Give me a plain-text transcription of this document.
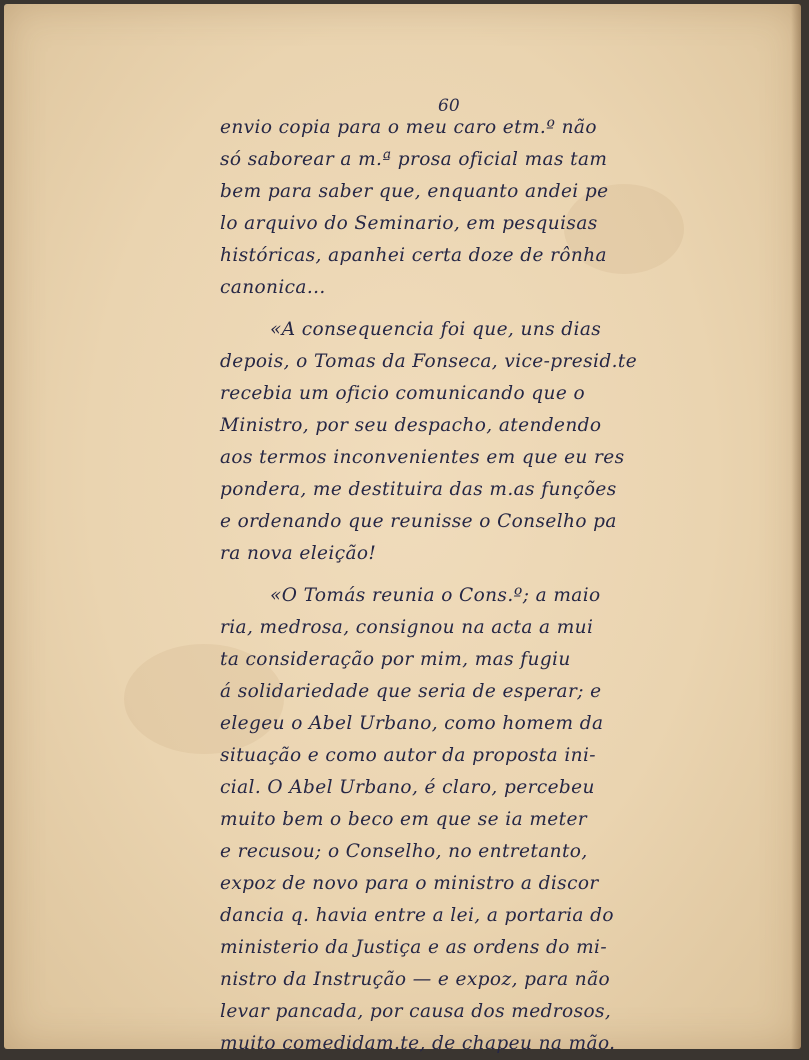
60
envio copia para o meu caro etm.º não
só saborear a m.ª prosa oficial mas tam
bem para saber que, enquanto andei pe
lo arquivo do Seminario, em pesquisas
históricas, apanhei certa doze de rônha
canonica...
«A consequencia foi que, uns dias
depois, o Tomas da Fonseca, vice-presid.te
recebia um oficio comunicando que o
Ministro, por seu despacho, atendendo
aos termos inconvenientes em que eu res
pondera, me destituira das m.as funções
e ordenando que reunisse o Conselho pa
ra nova eleição!
«O Tomás reunia o Cons.º; a maio
ria, medrosa, consignou na acta a mui
ta consideração por mim, mas fugiu
á solidariedade que seria de esperar; e
elegeu o Abel Urbano, como homem da
situação e como autor da proposta ini-
cial. O Abel Urbano, é claro, percebeu
muito bem o beco em que se ia meter
e recusou; o Conselho, no entretanto,
expoz de novo para o ministro a discor
dancia q. havia entre a lei, a portaria do
ministerio da Justiça e as ordens do mi-
nistro da Instrução — e expoz, para não
levar pancada, por causa dos medrosos,
muito comedidam.te, de chapeu na mão.
